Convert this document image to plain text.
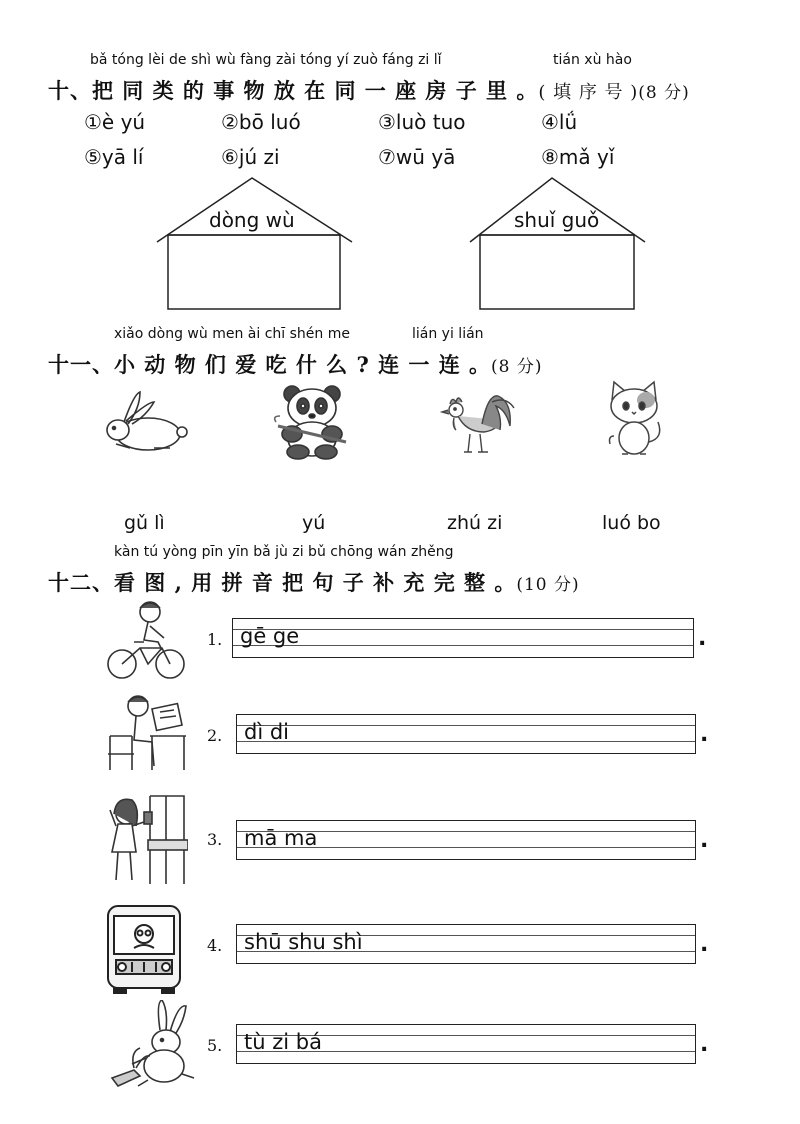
bǎ tóng lèi de shì wù fàng zài tóng yí zuò fáng zi lǐ	tián xù hào
十、把 同 类 的 事 物 放 在 同 一 座 房 子 里 。( 填 序 号 )(8 分)
①è yú	②bō luó	③luò tuo	④lǘ
⑤yā lí	⑥jú zi	⑦wū yā	⑧mǎ yǐ
dòng wù	shuǐ guǒ
xiǎo dòng wù men ài chī shén me	lián yi lián
十一、小 动 物 们 爱 吃 什 么 ? 连 一 连 。(8 分)
gǔ lì	yú	zhú zi	luó bo
kàn tú yòng pīn yīn bǎ jù zi bǔ chōng wán zhěng
十二、看 图 , 用 拼 音 把 句 子 补 充 完 整 。(10 分)
1. gē ge	.
2. dì di	.
3. mā ma	.
4. shū shu shì	.
5. tù zi bá	.
